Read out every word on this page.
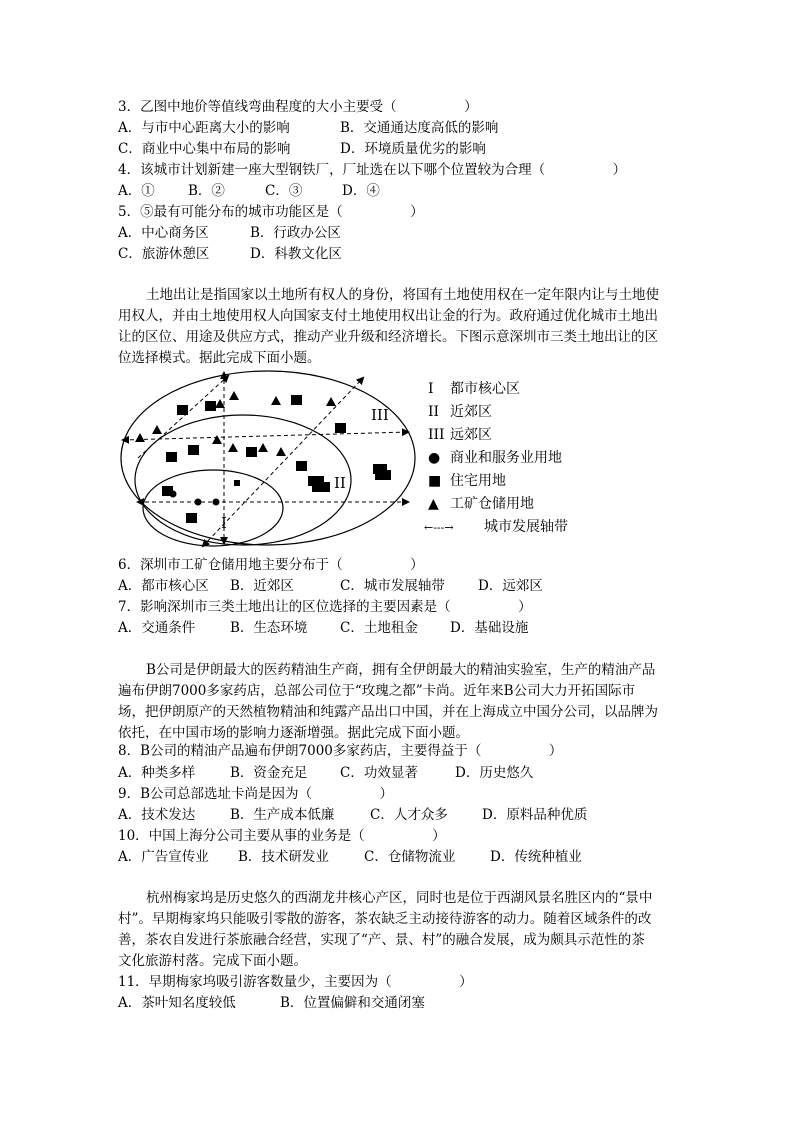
3．乙图中地价等值线弯曲程度的大小主要受（　　　　　）
A．与市中心距离大小的影响	B．交通通达度高低的影响
C．商业中心集中布局的影响	D．环境质量优劣的影响
4．该城市计划新建一座大型钢铁厂，厂址选在以下哪个位置较为合理（　　　　　）
A．① B．②	C．③	D．④
5．⑤最有可能分布的城市功能区是（　　　　　）
A．中心商务区	B．行政办公区
C．旅游休憩区	D．科教文化区
土地出让是指国家以土地所有权人的身份，将国有土地使用权在一定年限内让与土地使
用权人，并由土地使用权人向国家支付土地使用权出让金的行为。政府通过优化城市土地出
让的区位、用途及供应方式，推动产业升级和经济增长。下图示意深圳市三类土地出让的区
位选择模式。据此完成下面小题。
III
II
I
I 都市核心区
II 近郊区
III 远郊区
● 商业和服务业用地
■ 住宅用地
▲ 工矿仓储用地
←---→ 城市发展轴带
6．深圳市工矿仓储用地主要分布于（　　　　　）
A．都市核心区 B．近郊区	C．城市发展轴带 D．远郊区
7．影响深圳市三类土地出让的区位选择的主要因素是（　　　　　）
A．交通条件	B．生态环境 C．土地租金 D．基础设施
B公司是伊朗最大的医药精油生产商，拥有全伊朗最大的精油实验室，生产的精油产品
遍布伊朗7000多家药店，总部公司位于“玫瑰之都”卡尚。近年来B公司大力开拓国际市
场，把伊朗原产的天然植物精油和纯露产品出口中国，并在上海成立中国分公司，以品牌为
依托，在中国市场的影响力逐渐增强。据此完成下面小题。
8．B公司的精油产品遍布伊朗7000多家药店，主要得益于（　　　　　）
A．种类多样	B．资金充足 C．功效显著	D．历史悠久
9．B公司总部选址卡尚是因为（　　　　　）
A．技术发达	B．生产成本低廉	C．人才众多	D．原料品种优质
10．中国上海分公司主要从事的业务是（　　　　　）
A．广告宣传业 B．技术研发业	C．仓储物流业	D．传统种植业
杭州梅家坞是历史悠久的西湖龙井核心产区，同时也是位于西湖风景名胜区内的“景中
村”。早期梅家坞只能吸引零散的游客，茶农缺乏主动接待游客的动力。随着区域条件的改
善，茶农自发进行茶旅融合经营，实现了“产、景、村”的融合发展，成为颇具示范性的茶
文化旅游村落。完成下面小题。
11．早期梅家坞吸引游客数量少，主要因为（　　　　　）
A．茶叶知名度较低	B．位置偏僻和交通闭塞
